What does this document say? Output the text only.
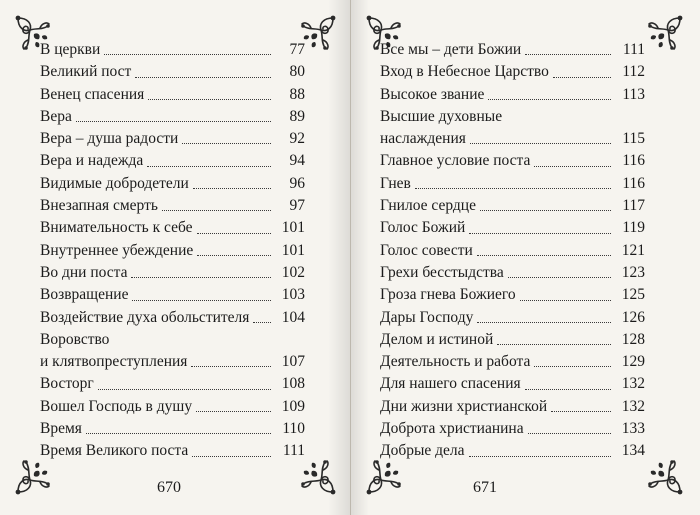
В церкви	77
Великий пост	80
Венец спасения	88
Вера	89
Вера – душа радости	92
Вера и надежда	94
Видимые добродетели	96
Внезапная смерть	97
Внимательность к себе	101
Внутреннее убеждение	101
Во дни поста	102
Возвращение	103
Воздействие духа обольстителя	104
Воровство
и клятвопреступления	107
Восторг	108
Вошел Господь в душу	109
Время	110
Время Великого поста	111
670
Все мы – дети Божии	111
Вход в Небесное Царство	112
Высокое звание	113
Высшие духовные
наслаждения	115
Главное условие поста	116
Гнев	116
Гнилое сердце	117
Голос Божий	119
Голос совести	121
Грехи бесстыдства	123
Гроза гнева Божиего	125
Дары Господу	126
Делом и истиной	128
Деятельность и работа	129
Для нашего спасения	132
Дни жизни христианской	132
Доброта христианина	133
Добрые дела	134
671
